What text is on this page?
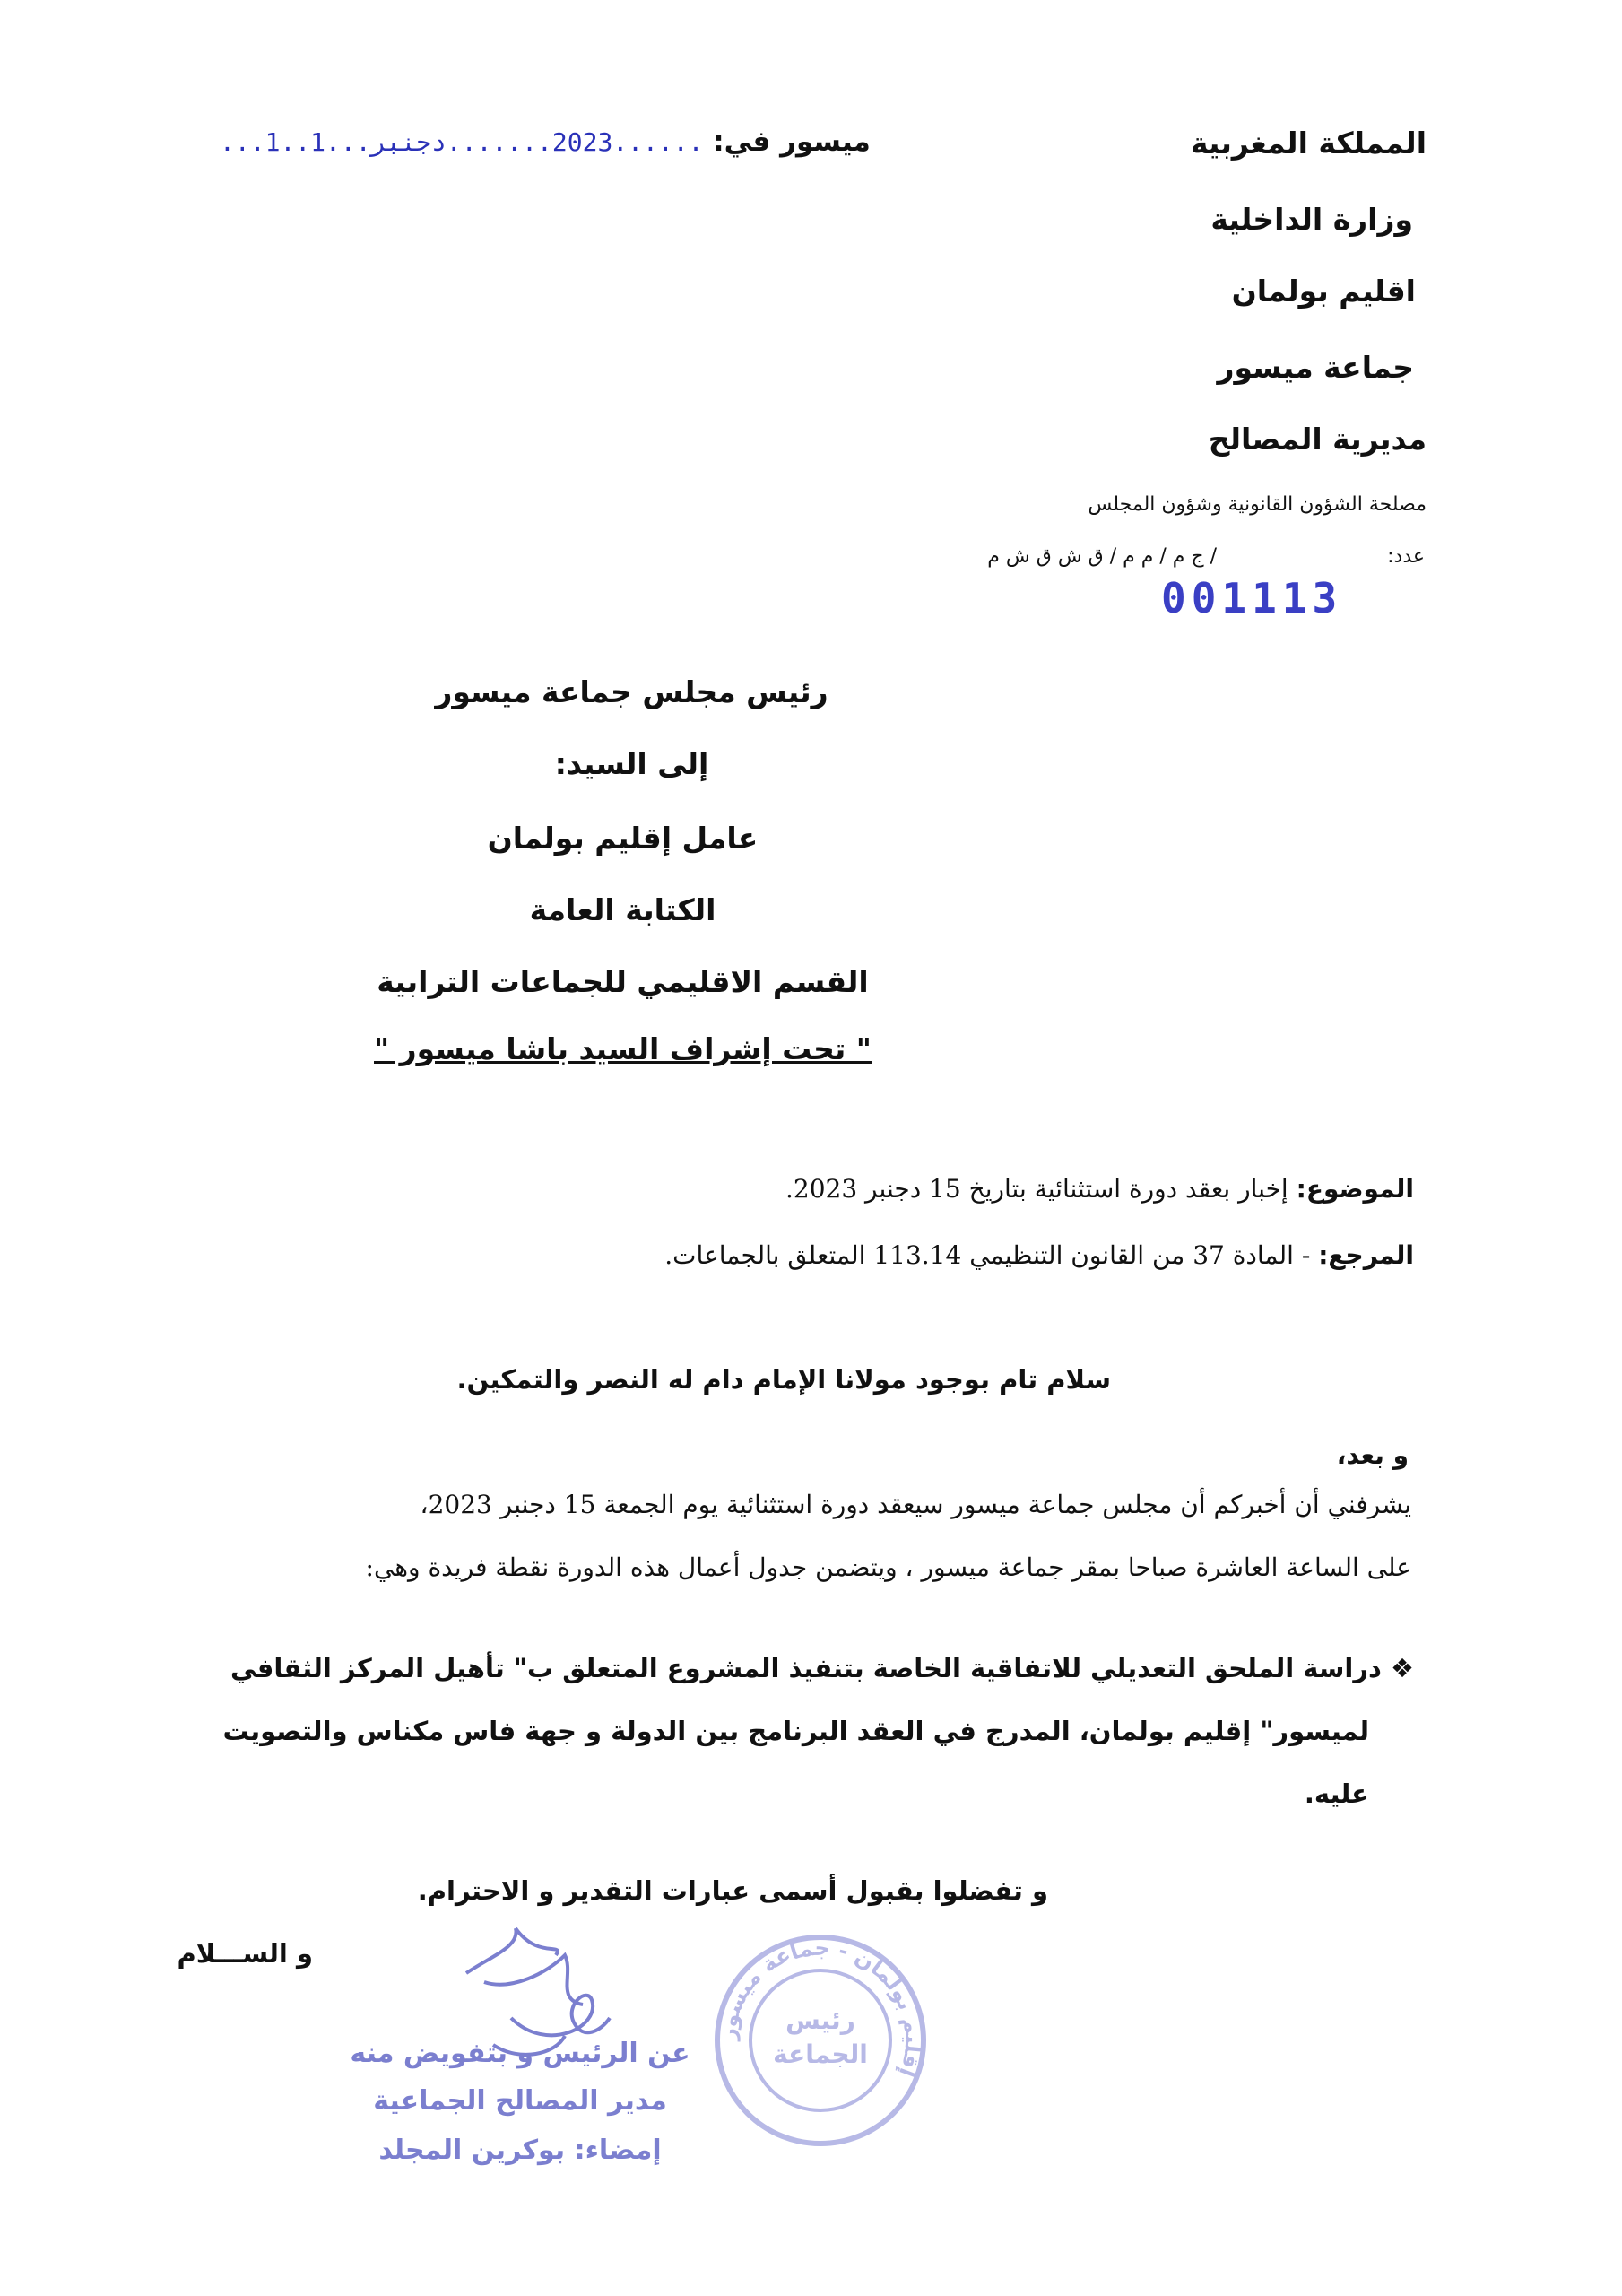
ميسور في: ......2023.......دجنبر...1..1...	المملكة المغربية
وزارة الداخلية
اقليم بولمان
جماعة ميسور
مديرية المصالح
مصلحة الشؤون القانونية وشؤون المجلس
عدد:
/ ج م / م م / ق ش ق ش م
001113
رئيس مجلس جماعة ميسور
إلى السيد:
عامل إقليم بولمان
الكتابة العامة
القسم الاقليمي للجماعات الترابية
" تحت إشراف السيد باشا ميسور "
الموضوع: إخبار بعقد دورة استثنائية بتاريخ 15 دجنبر 2023.
المرجع: - المادة 37 من القانون التنظيمي 113.14 المتعلق بالجماعات.
سلام تام بوجود مولانا الإمام دام له النصر والتمكين.
و بعد،
يشرفني أن أخبركم أن مجلس جماعة ميسور سيعقد دورة استثنائية يوم الجمعة 15 دجنبر 2023،
على الساعة العاشرة صباحا بمقر جماعة ميسور ، ويتضمن جدول أعمال هذه الدورة نقطة فريدة وهي:
❖ دراسة الملحق التعديلي للاتفاقية الخاصة بتنفيذ المشروع المتعلق ب" تأهيل المركز الثقافي
لميسور" إقليم بولمان، المدرج في العقد البرنامج بين الدولة و جهة فاس مكناس والتصويت
عليه.
و تفضلوا بقبول أسمى عبارات التقدير و الاحترام.
و الســـلام
عن الرئيس و بتفويض منه
مدير المصالح الجماعية
إمضاء: بوكرين المجلد
إقليم بولمان - جماعة ميسور
رئيس
الجماعة
